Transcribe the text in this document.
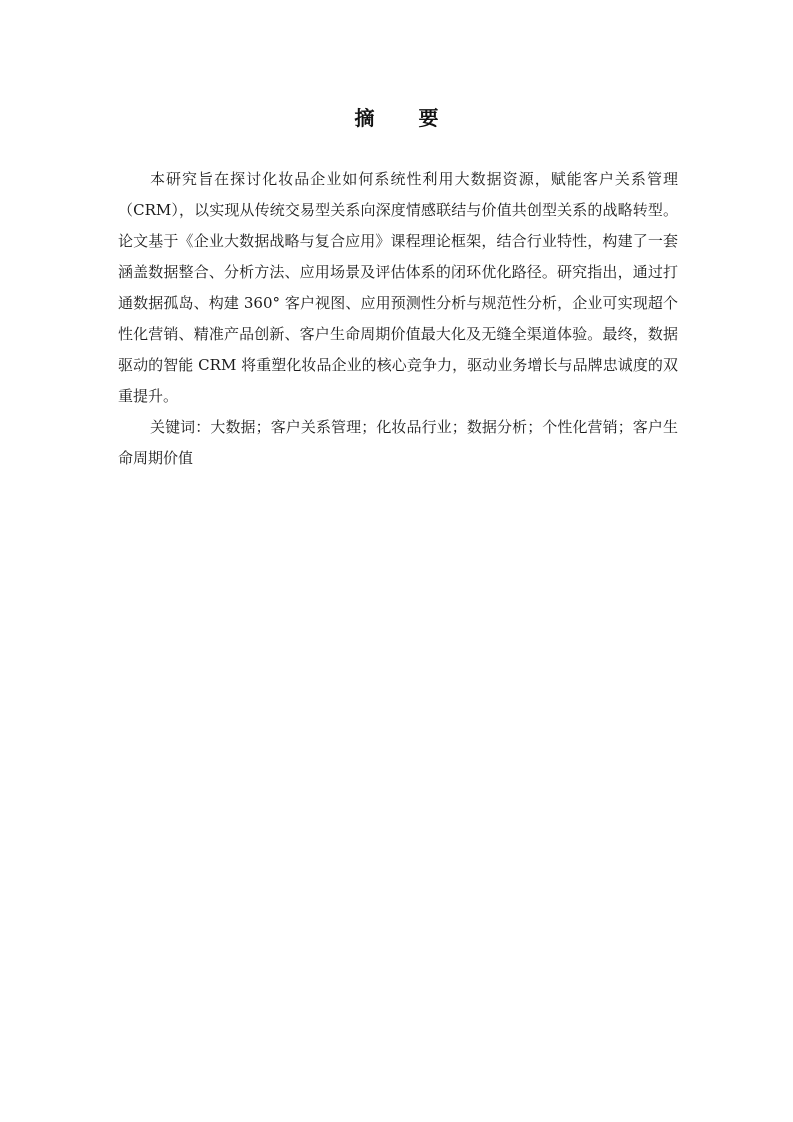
摘　要

本研究旨在探讨化妆品企业如何系统性利用大数据资源，赋能客户关系管理（CRM），以实现从传统交易型关系向深度情感联结与价值共创型关系的战略转型。论文基于《企业大数据战略与复合应用》课程理论框架，结合行业特性，构建了一套涵盖数据整合、分析方法、应用场景及评估体系的闭环优化路径。研究指出，通过打通数据孤岛、构建 360° 客户视图、应用预测性分析与规范性分析，企业可实现超个性化营销、精准产品创新、客户生命周期价值最大化及无缝全渠道体验。最终，数据驱动的智能 CRM 将重塑化妆品企业的核心竞争力，驱动业务增长与品牌忠诚度的双重提升。

关键词：大数据；客户关系管理；化妆品行业；数据分析；个性化营销；客户生命周期价值
